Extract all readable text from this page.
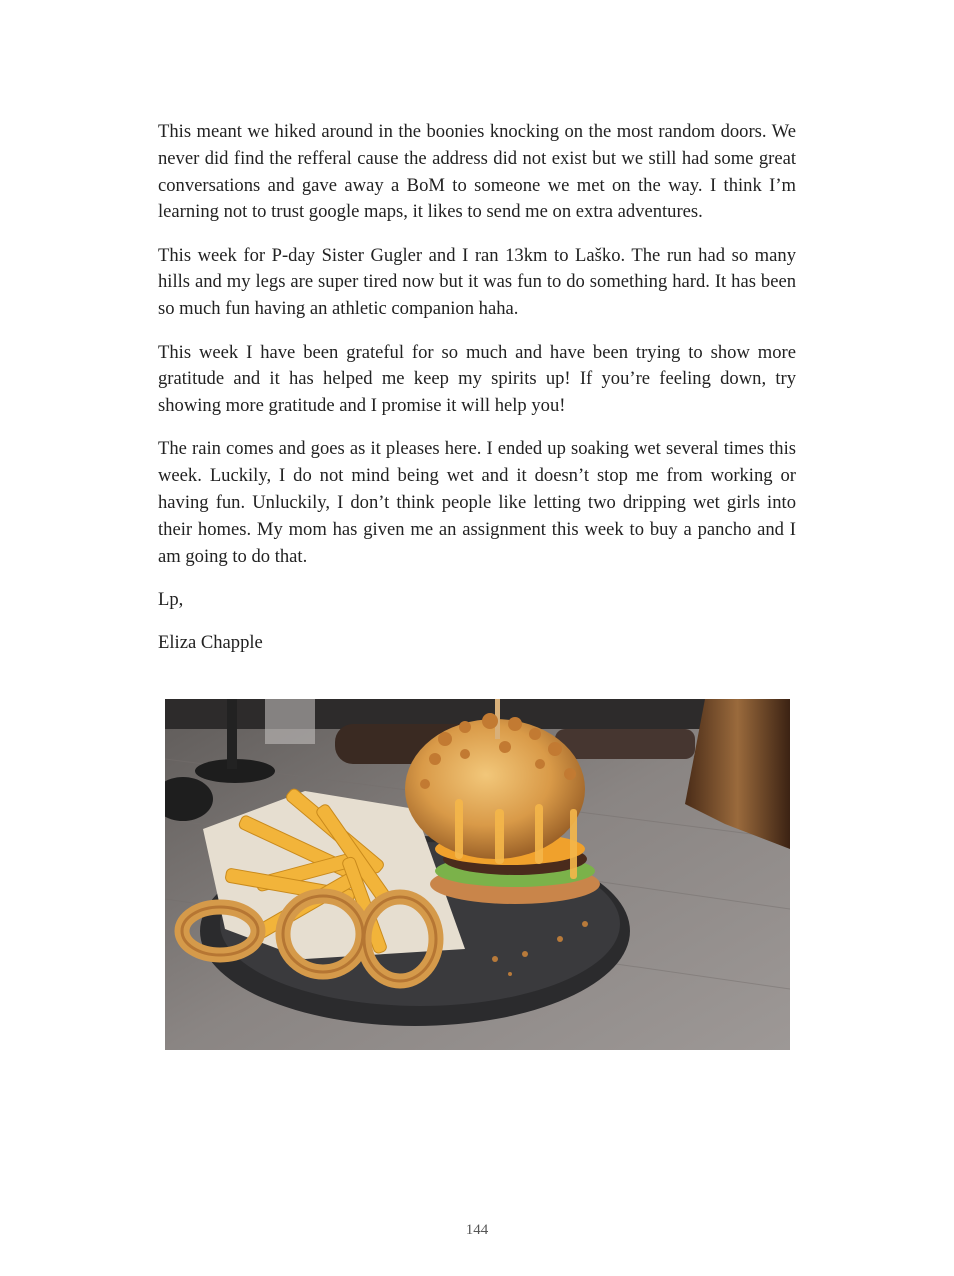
This meant we hiked around in the boonies knocking on the most random doors. We never did find the refferal cause the address did not exist but we still had some great conversations and gave away a BoM to someone we met on the way. I think I’m learning not to trust google maps, it likes to send me on extra adventures.

This week for P-day Sister Gugler and I ran 13km to Laško. The run had so many hills and my legs are super tired now but it was fun to do something hard. It has been so much fun having an athletic companion haha.

This week I have been grateful for so much and have been trying to show more gratitude and it has helped me keep my spirits up! If you’re feeling down, try showing more gratitude and I promise it will help you!

The rain comes and goes as it pleases here. I ended up soaking wet several times this week. Luckily, I do not mind being wet and it doesn’t stop me from working or having fun. Unluckily, I don’t think people like letting two dripping wet girls into their homes. My mom has given me an assignment this week to buy a pancho and I am going to do that.

Lp,

Eliza Chapple

144
